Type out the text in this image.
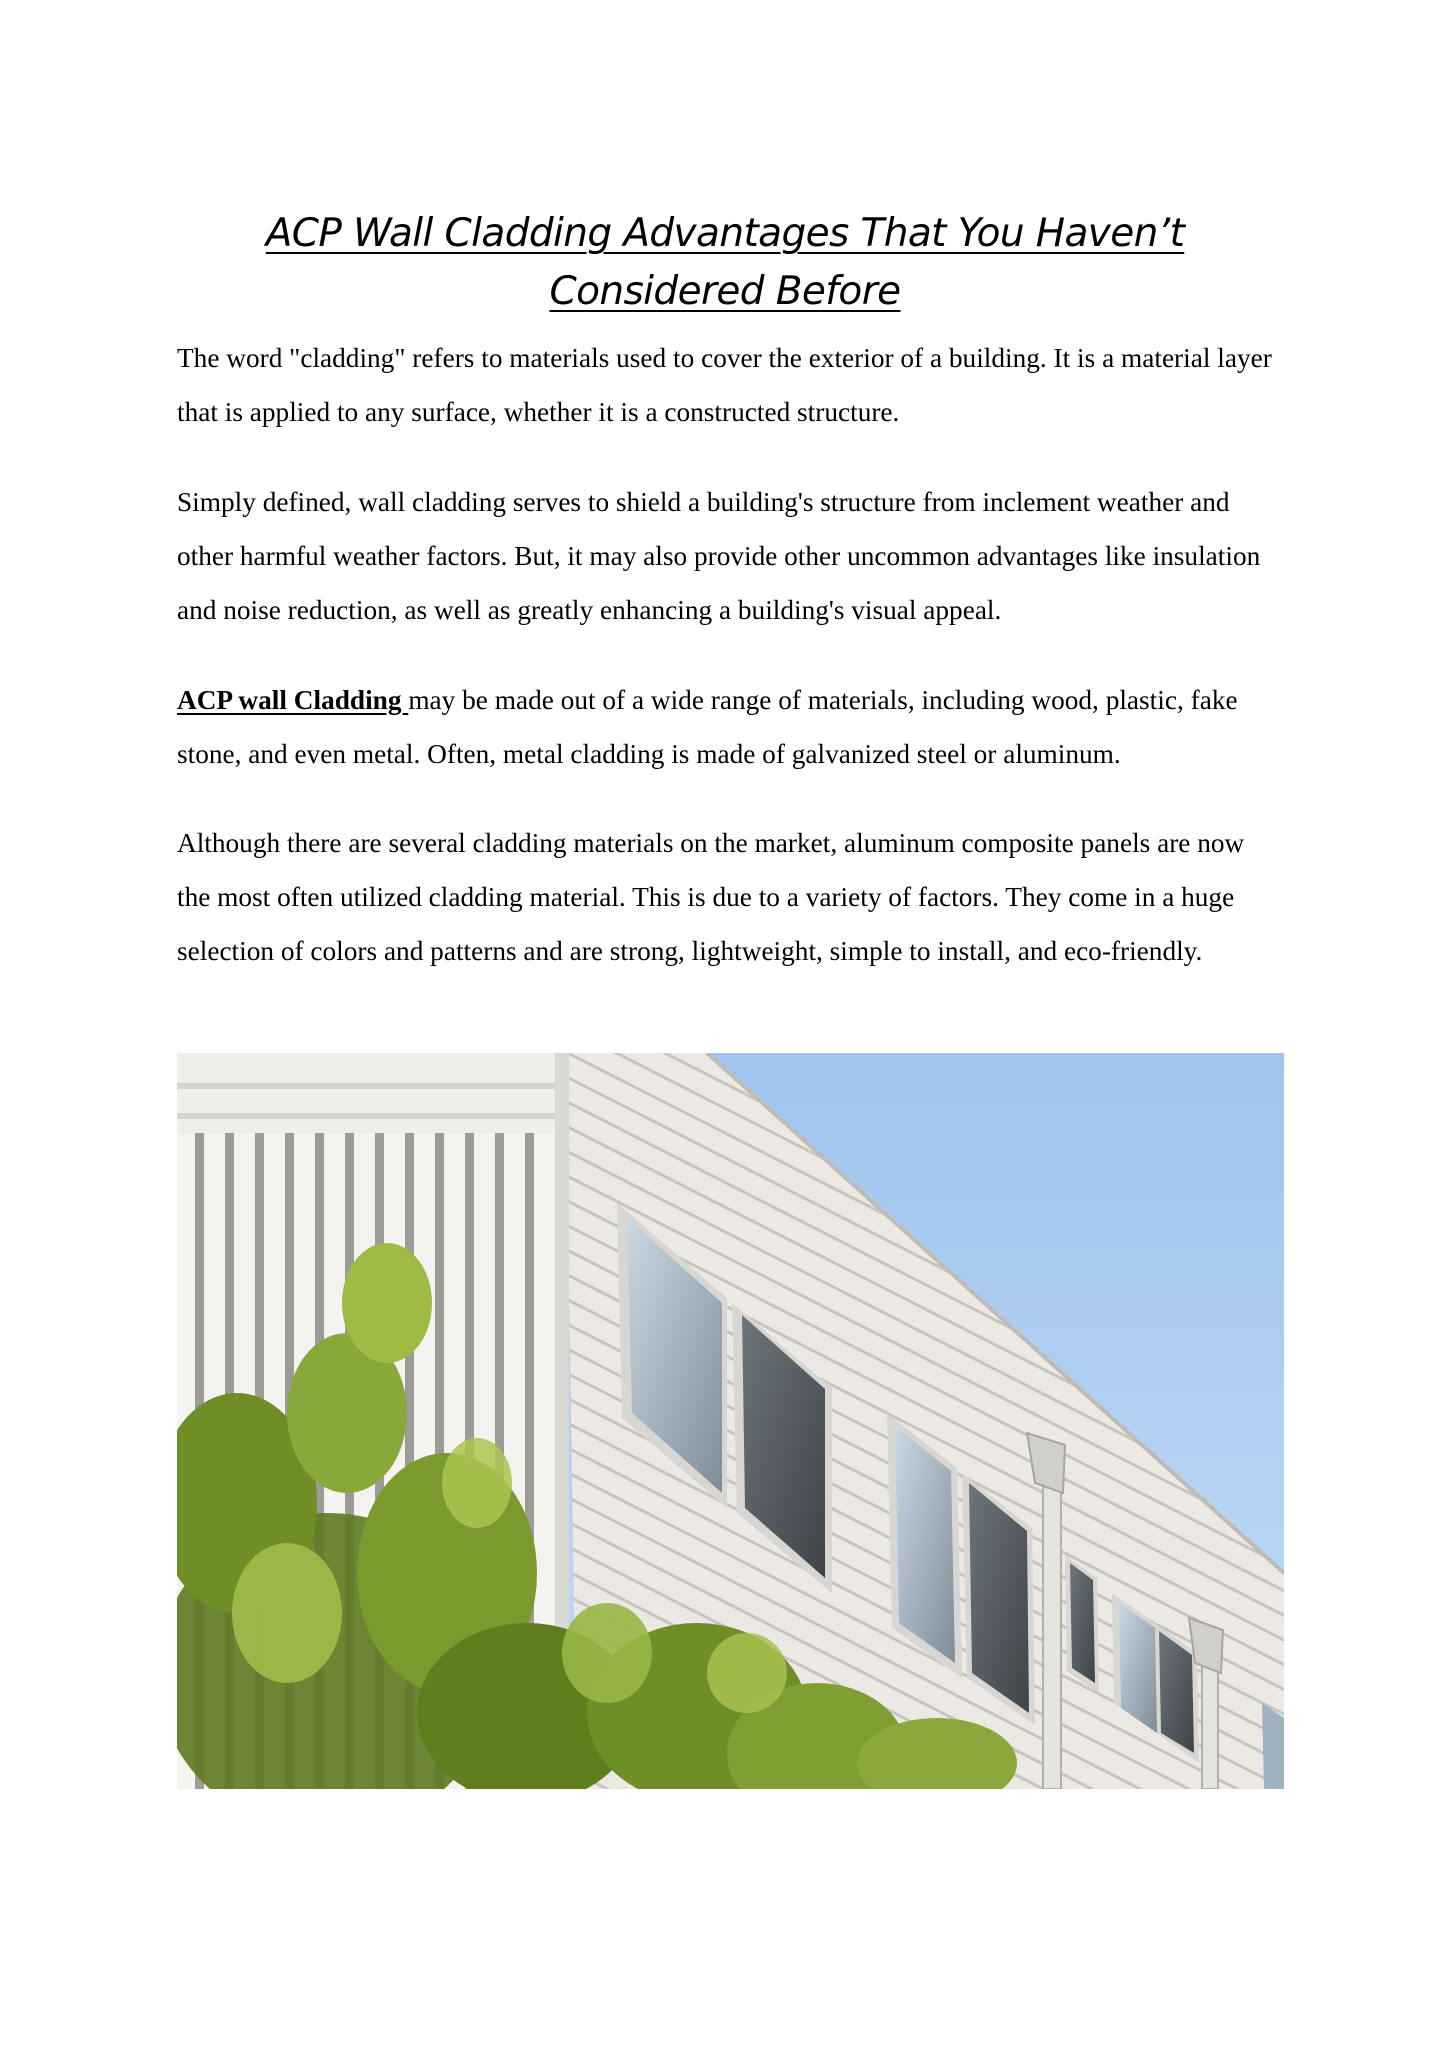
ACP Wall Cladding Advantages That You Haven’t Considered Before

The word "cladding" refers to materials used to cover the exterior of a building. It is a material layer that is applied to any surface, whether it is a constructed structure.

Simply defined, wall cladding serves to shield a building's structure from inclement weather and other harmful weather factors. But, it may also provide other uncommon advantages like insulation and noise reduction, as well as greatly enhancing a building's visual appeal.

ACP wall Cladding may be made out of a wide range of materials, including wood, plastic, fake stone, and even metal. Often, metal cladding is made of galvanized steel or aluminum.

Although there are several cladding materials on the market, aluminum composite panels are now the most often utilized cladding material. This is due to a variety of factors. They come in a huge selection of colors and patterns and are strong, lightweight, simple to install, and eco-friendly.
